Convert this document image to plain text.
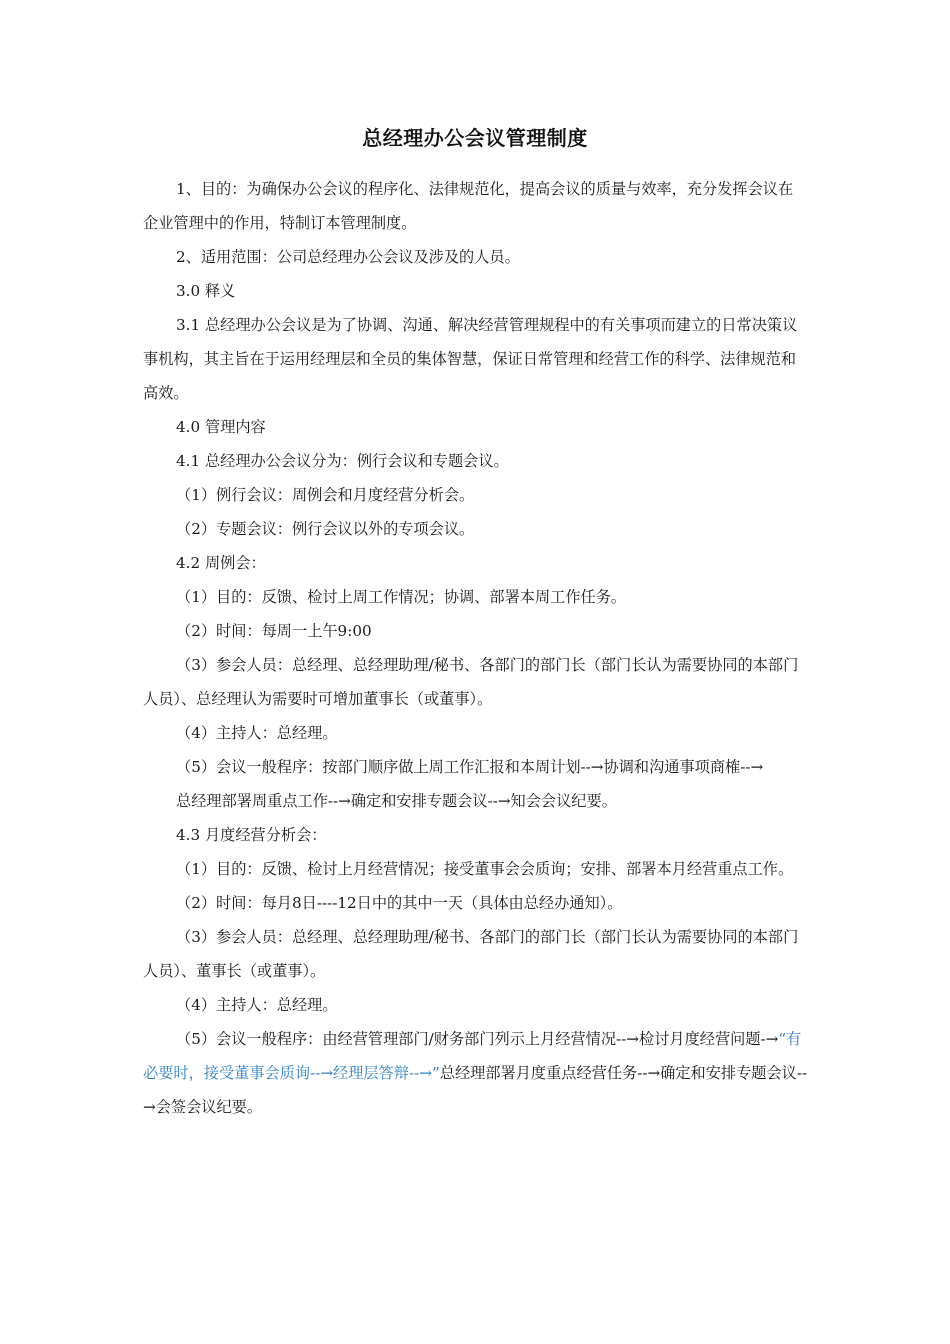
总经理办公会议管理制度

1、目的：为确保办公会议的程序化、法律规范化，提高会议的质量与效率，充分发挥会议在企业管理中的作用，特制订本管理制度。

2、适用范围：公司总经理办公会议及涉及的人员。

3.0 释义

3.1 总经理办公会议是为了协调、沟通、解决经营管理规程中的有关事项而建立的日常决策议事机构，其主旨在于运用经理层和全员的集体智慧，保证日常管理和经营工作的科学、法律规范和高效。

4.0 管理内容

4.1 总经理办公会议分为：例行会议和专题会议。

（1）例行会议：周例会和月度经营分析会。

（2）专题会议：例行会议以外的专项会议。

4.2 周例会：

（1）目的：反馈、检讨上周工作情况；协调、部署本周工作任务。

（2）时间：每周一上午9:00

（3）参会人员：总经理、总经理助理/秘书、各部门的部门长（部门长认为需要协同的本部门人员）、总经理认为需要时可增加董事长（或董事）。

（4）主持人：总经理。

（5）会议一般程序：按部门顺序做上周工作汇报和本周计划--→协调和沟通事项商榷--→

总经理部署周重点工作--→确定和安排专题会议--→知会会议纪要。

4.3 月度经营分析会：

（1）目的：反馈、检讨上月经营情况；接受董事会会质询；安排、部署本月经营重点工作。

（2）时间：每月8日----12日中的其中一天（具体由总经办通知）。

（3）参会人员：总经理、总经理助理/秘书、各部门的部门长（部门长认为需要协同的本部门人员）、董事长（或董事）。

（4）主持人：总经理。

（5）会议一般程序：由经营管理部门/财务部门列示上月经营情况--→检讨月度经营问题-→“有必要时，接受董事会质询--→经理层答辩--→”总经理部署月度重点经营任务--→确定和安排专题会议--→会签会议纪要。
